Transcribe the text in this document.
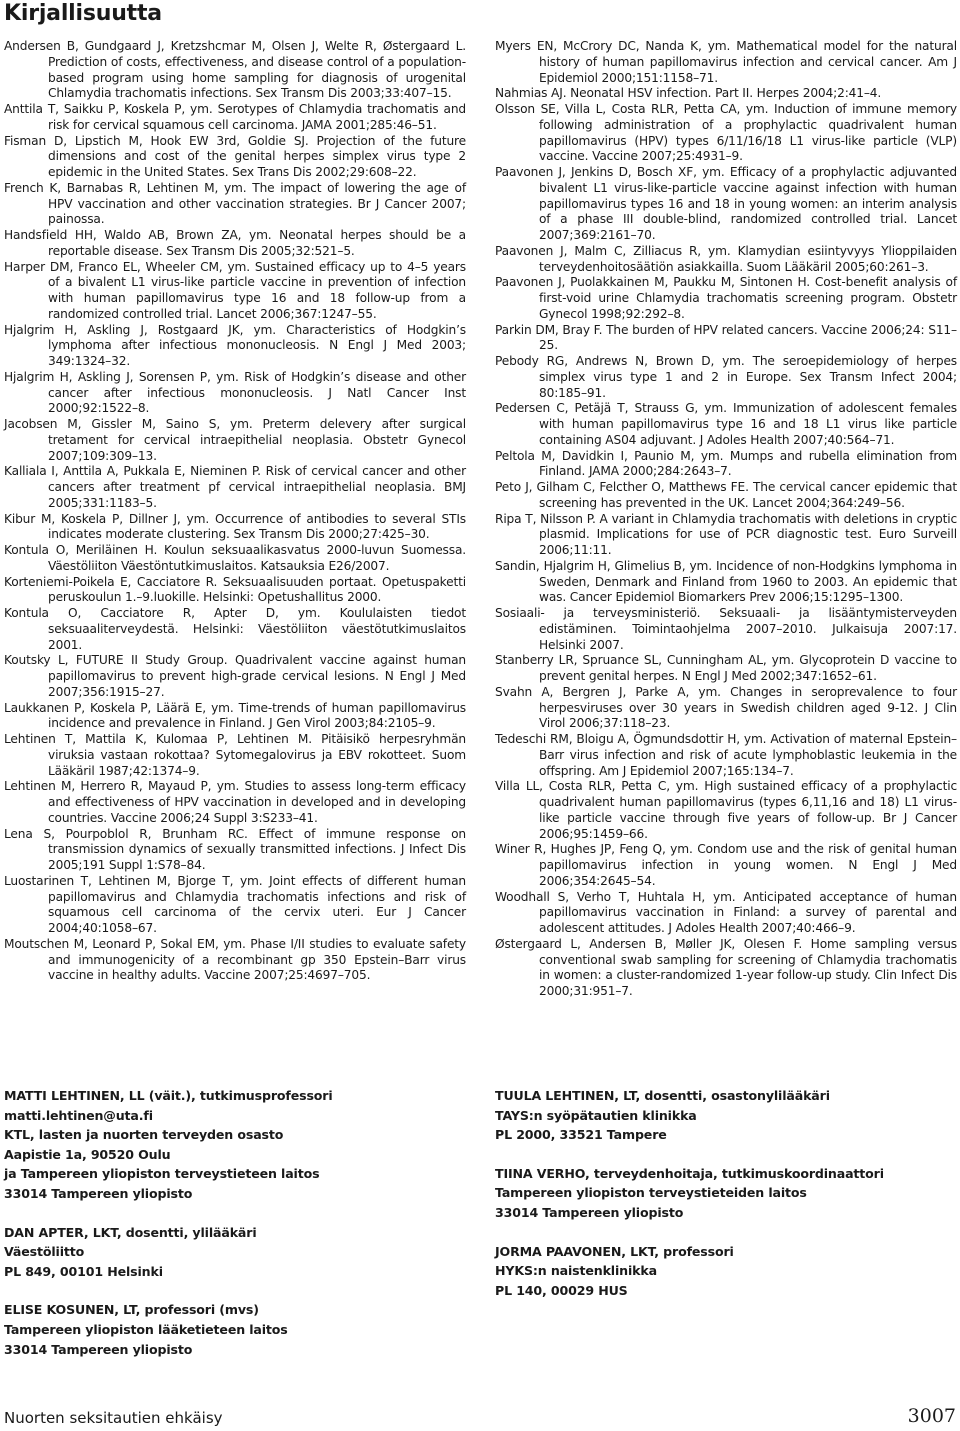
Kirjallisuutta

Andersen B, Gundgaard J, Kretzshcmar M, Olsen J, Welte R, Østergaard L. Prediction of costs, effectiveness, and disease control of a population-based program using home sampling for diagnosis of urogenital Chlamydia trachomatis infections. Sex Transm Dis 2003;33:407–15.

Anttila T, Saikku P, Koskela P, ym. Serotypes of Chlamydia trachomatis and risk for cervical squamous cell carcinoma. JAMA 2001;285:46–51.

Fisman D, Lipstich M, Hook EW 3rd, Goldie SJ. Projection of the future dimensions and cost of the genital herpes simplex virus type 2 epidemic in the United States. Sex Trans Dis 2002;29:608–22.

French K, Barnabas R, Lehtinen M, ym. The impact of lowering the age of HPV vaccination and other vaccination strategies. Br J Cancer 2007; painossa.

Handsfield HH, Waldo AB, Brown ZA, ym. Neonatal herpes should be a reportable disease. Sex Transm Dis 2005;32:521–5.

Harper DM, Franco EL, Wheeler CM, ym. Sustained efficacy up to 4–5 years of a bivalent L1 virus-like particle vaccine in prevention of infection with human papillomavirus type 16 and 18 follow-up from a randomized controlled trial. Lancet 2006;367:1247–55.

Hjalgrim H, Askling J, Rostgaard JK, ym. Characteristics of Hodgkin’s lymphoma after infectious mononucleosis. N Engl J Med 2003; 349:1324–32.

Hjalgrim H, Askling J, Sorensen P, ym. Risk of Hodgkin’s disease and other cancer after infectious mononucleosis. J Natl Cancer Inst 2000;92:1522–8.

Jacobsen M, Gissler M, Saino S, ym. Preterm delevery after surgical tretament for cervical intraepithelial neoplasia. Obstetr Gynecol 2007;109:309–13.

Kalliala I, Anttila A, Pukkala E, Nieminen P. Risk of cervical cancer and other cancers after treatment pf cervical intraepithelial neoplasia. BMJ 2005;331:1183–5.

Kibur M, Koskela P, Dillner J, ym. Occurrence of antibodies to several STIs indicates moderate clustering. Sex Transm Dis 2000;27:425–30.

Kontula O, Meriläinen H. Koulun seksuaalikasvatus 2000-luvun Suomessa. Väestöliiton Väestöntutkimuslaitos. Katsauksia E26/2007.

Korteniemi-Poikela E, Cacciatore R. Seksuaalisuuden portaat. Opetuspaketti peruskoulun 1.–9.luokille. Helsinki: Opetushallitus 2000.

Kontula O, Cacciatore R, Apter D, ym. Koululaisten tiedot seksuaaliterveydestä. Helsinki: Väestöliiton väestötutkimuslaitos 2001.

Koutsky L, FUTURE II Study Group. Quadrivalent vaccine against human papillomavirus to prevent high-grade cervical lesions. N Engl J Med 2007;356:1915–27.

Laukkanen P, Koskela P, Läärä E, ym. Time-trends of human papillomavirus incidence and prevalence in Finland. J Gen Virol 2003;84:2105–9.

Lehtinen T, Mattila K, Kulomaa P, Lehtinen M. Pitäisikö herpesryhmän viruksia vastaan rokottaa? Sytomegalovirus ja EBV rokotteet. Suom Lääkäril 1987;42:1374–9.

Lehtinen M, Herrero R, Mayaud P, ym. Studies to assess long-term efficacy and effectiveness of HPV vaccination in developed and in developing countries. Vaccine 2006;24 Suppl 3:S233–41.

Lena S, Pourpoblol R, Brunham RC. Effect of immune response on transmission dynamics of sexually transmitted infections. J Infect Dis 2005;191 Suppl 1:S78–84.

Luostarinen T, Lehtinen M, Bjorge T, ym. Joint effects of different human papillomavirus and Chlamydia trachomatis infections and risk of squamous cell carcinoma of the cervix uteri. Eur J Cancer 2004;40:1058–67.

Moutschen M, Leonard P, Sokal EM, ym. Phase I/II studies to evaluate safety and immunogenicity of a recombinant gp 350 Epstein–Barr virus vaccine in healthy adults. Vaccine 2007;25:4697–705.

Myers EN, McCrory DC, Nanda K, ym. Mathematical model for the natural history of human papillomavirus infection and cervical cancer. Am J Epidemiol 2000;151:1158–71.

Nahmias AJ. Neonatal HSV infection. Part II. Herpes 2004;2:41–4.

Olsson SE, Villa L, Costa RLR, Petta CA, ym. Induction of immune memory following administration of a prophylactic quadrivalent human papillomavirus (HPV) types 6/11/16/18 L1 virus-like particle (VLP) vaccine. Vaccine 2007;25:4931–9.

Paavonen J, Jenkins D, Bosch XF, ym. Efficacy of a prophylactic adjuvanted bivalent L1 virus-like-particle vaccine against infection with human papillomavirus types 16 and 18 in young women: an interim analysis of a phase III double-blind, randomized controlled trial. Lancet 2007;369:2161–70.

Paavonen J, Malm C, Zilliacus R, ym. Klamydian esiintyvyys Ylioppilaiden terveydenhoitosäätiön asiakkailla. Suom Lääkäril 2005;60:261–3.

Paavonen J, Puolakkainen M, Paukku M, Sintonen H. Cost-benefit analysis of first-void urine Chlamydia trachomatis screening program. Obstetr Gynecol 1998;92:292–8.

Parkin DM, Bray F. The burden of HPV related cancers. Vaccine 2006;24: S11–25.

Pebody RG, Andrews N, Brown D, ym. The seroepidemiology of herpes simplex virus type 1 and 2 in Europe. Sex Transm Infect 2004; 80:185–91.

Pedersen C, Petäjä T, Strauss G, ym. Immunization of adolescent females with human papillomavirus type 16 and 18 L1 virus like particle containing AS04 adjuvant. J Adoles Health 2007;40:564–71.

Peltola M, Davidkin I, Paunio M, ym. Mumps and rubella elimination from Finland. JAMA 2000;284:2643–7.

Peto J, Gilham C, Felcther O, Matthews FE. The cervical cancer epidemic that screening has prevented in the UK. Lancet 2004;364:249–56.

Ripa T, Nilsson P. A variant in Chlamydia trachomatis with deletions in cryptic plasmid. Implications for use of PCR diagnostic test. Euro Surveill 2006;11:11.

Sandin, Hjalgrim H, Glimelius B, ym. Incidence of non-Hodgkins lymphoma in Sweden, Denmark and Finland from 1960 to 2003. An epidemic that was. Cancer Epidemiol Biomarkers Prev 2006;15:1295–1300.

Sosiaali- ja terveysministeriö. Seksuaali- ja lisääntymisterveyden edistäminen. Toimintaohjelma 2007–2010. Julkaisuja 2007:17. Helsinki 2007.

Stanberry LR, Spruance SL, Cunningham AL, ym. Glycoprotein D vaccine to prevent genital herpes. N Engl J Med 2002;347:1652–61.

Svahn A, Bergren J, Parke A, ym. Changes in seroprevalence to four herpesviruses over 30 years in Swedish children aged 9-12. J Clin Virol 2006;37:118–23.

Tedeschi RM, Bloigu A, Ögmundsdottir H, ym. Activation of maternal Epstein–Barr virus infection and risk of acute lymphoblastic leukemia in the offspring. Am J Epidemiol 2007;165:134–7.

Villa LL, Costa RLR, Petta C, ym. High sustained efficacy of a prophylactic quadrivalent human papillomavirus (types 6,11,16 and 18) L1 virus-like particle vaccine through five years of follow-up. Br J Cancer 2006;95:1459–66.

Winer R, Hughes JP, Feng Q, ym. Condom use and the risk of genital human papillomavirus infection in young women. N Engl J Med 2006;354:2645–54.

Woodhall S, Verho T, Huhtala H, ym. Anticipated acceptance of human papillomavirus vaccination in Finland: a survey of parental and adolescent attitudes. J Adoles Health 2007;40:466–9.

Østergaard L, Andersen B, Møller JK, Olesen F. Home sampling versus conventional swab sampling for screening of Chlamydia trachomatis in women: a cluster-randomized 1-year follow-up study. Clin Infect Dis 2000;31:951–7.

MATTI LEHTINEN, LL (väit.), tutkimusprofessori
matti.lehtinen@uta.fi
KTL, lasten ja nuorten terveyden osasto
Aapistie 1a, 90520 Oulu
ja Tampereen yliopiston terveystieteen laitos
33014 Tampereen yliopisto
DAN APTER, LKT, dosentti, ylilääkäri
Väestöliitto
PL 849, 00101 Helsinki
ELISE KOSUNEN, LT, professori (mvs)
Tampereen yliopiston lääketieteen laitos
33014 Tampereen yliopisto
TUULA LEHTINEN, LT, dosentti, osastonylilääkäri
TAYS:n syöpätautien klinikka
PL 2000, 33521 Tampere
TIINA VERHO, terveydenhoitaja, tutkimuskoordinaattori
Tampereen yliopiston terveystieteiden laitos
33014 Tampereen yliopisto
JORMA PAAVONEN, LKT, professori
HYKS:n naistenklinikka
PL 140, 00029 HUS
Nuorten seksitautien ehkäisy	3007
